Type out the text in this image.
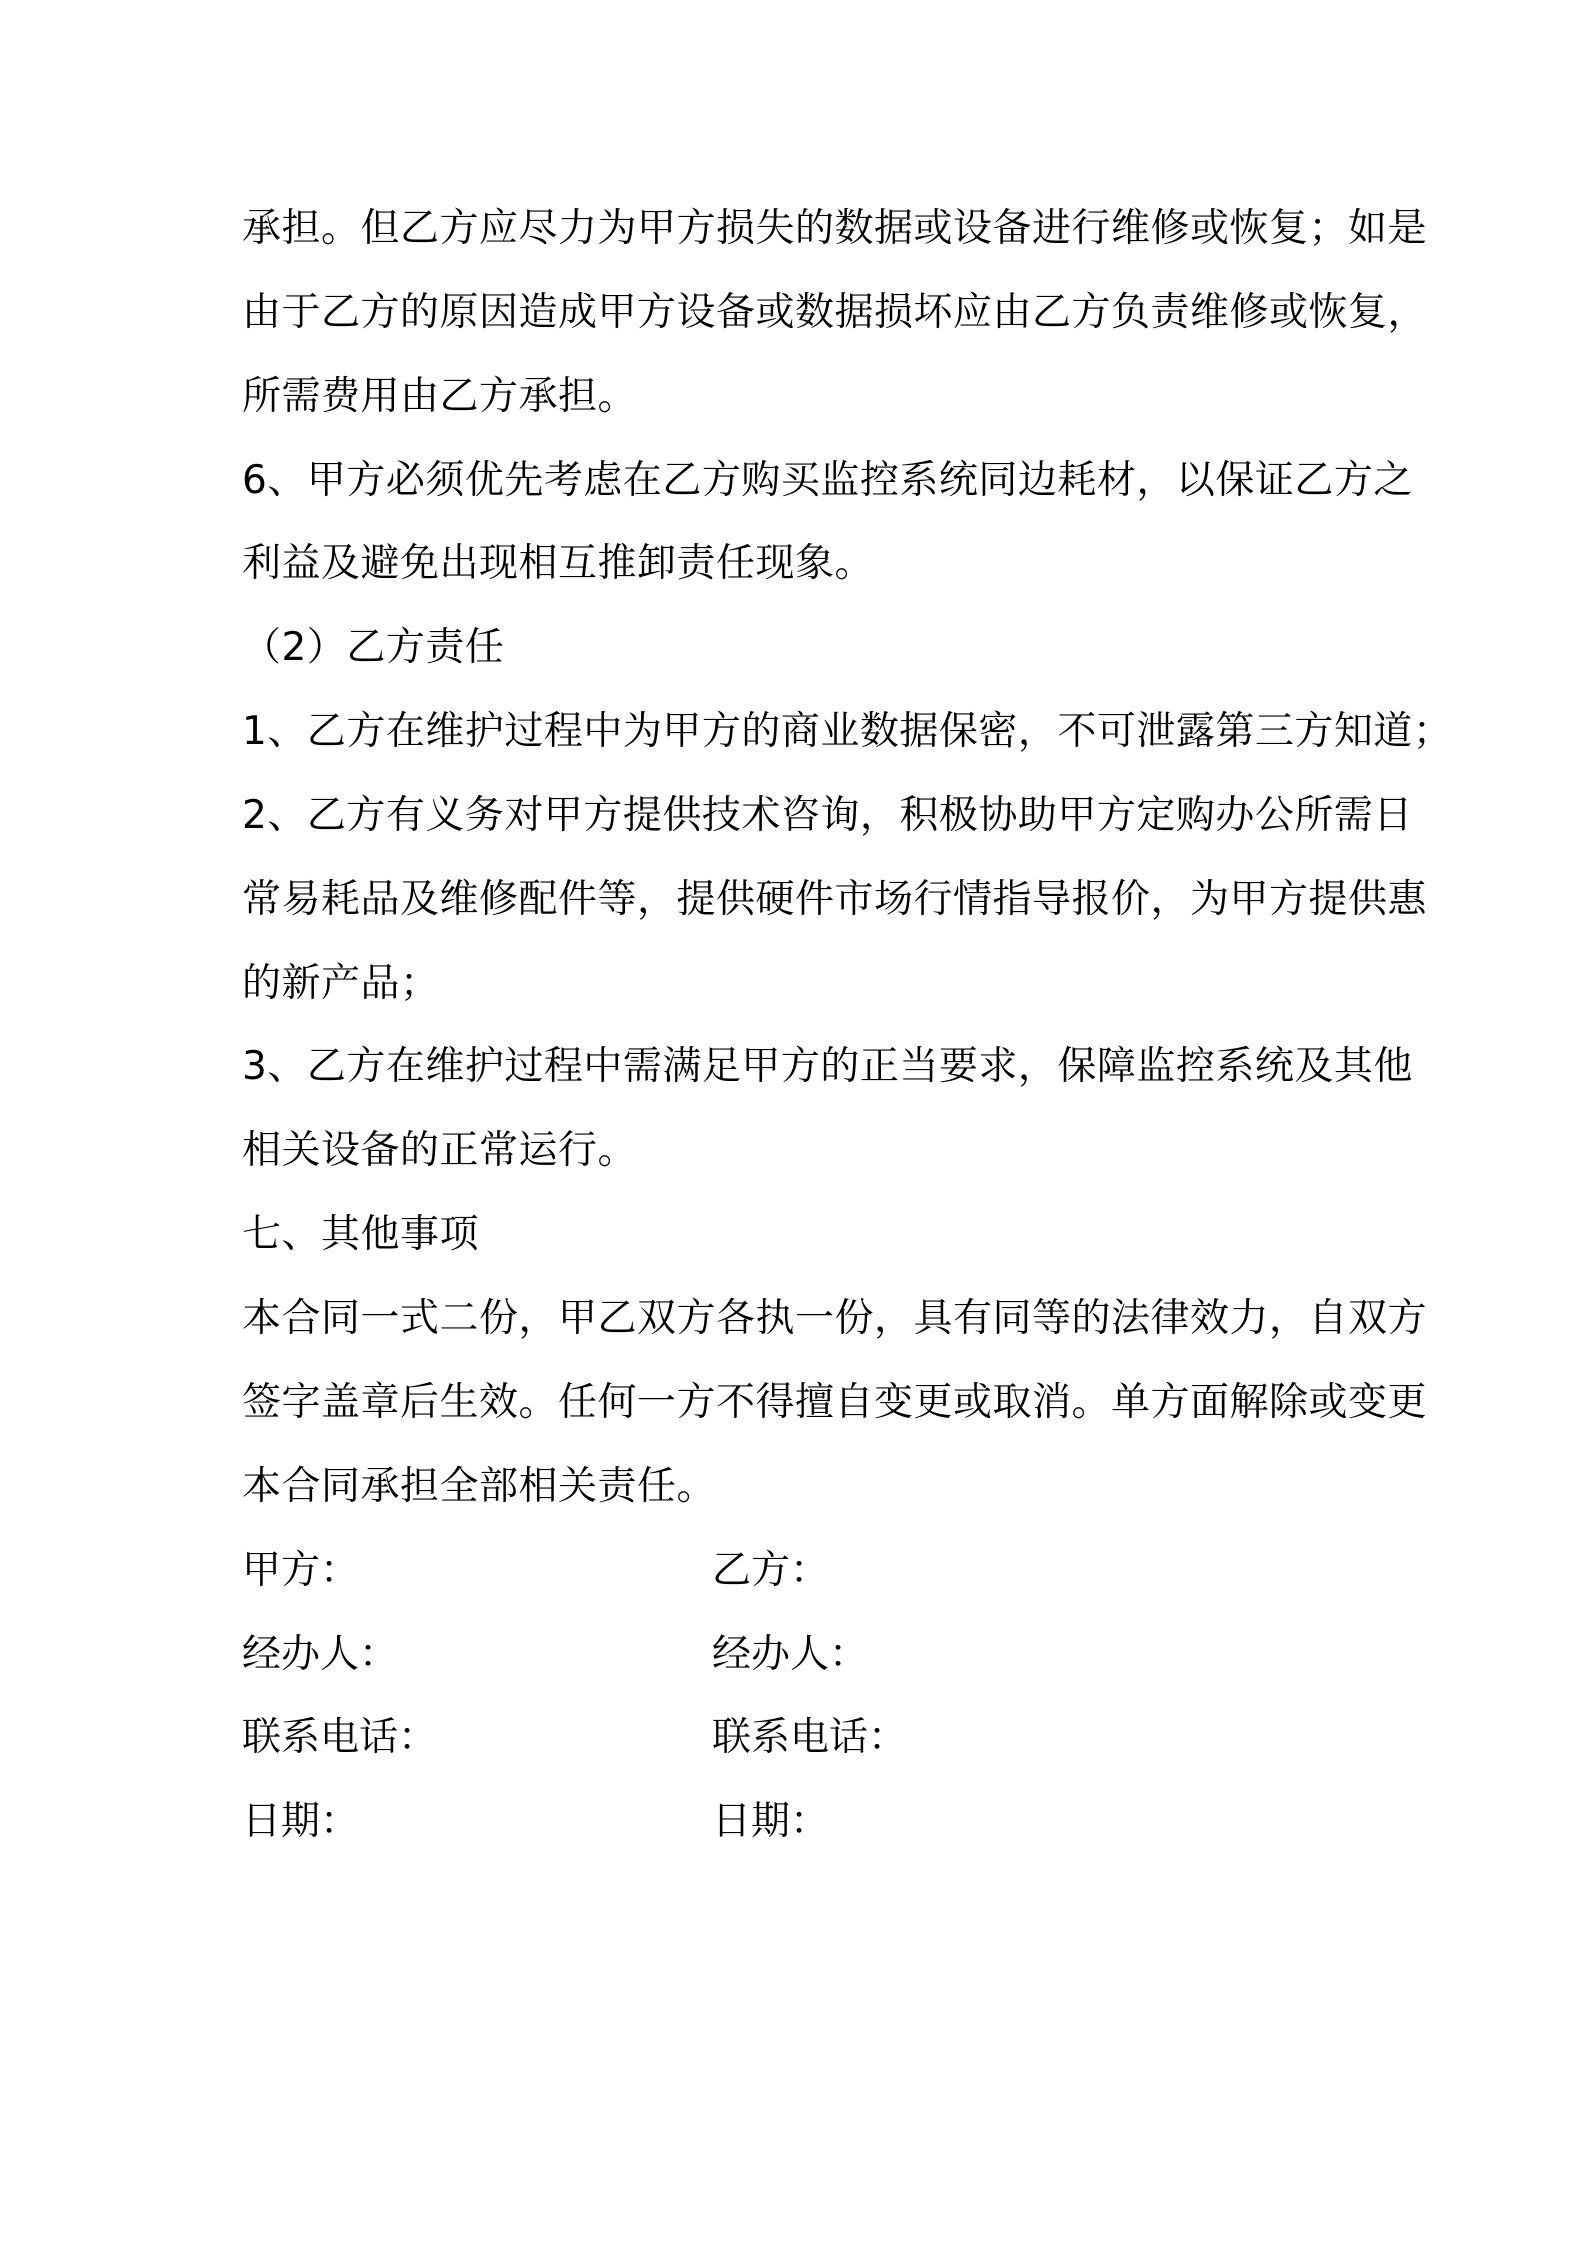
承担。但乙方应尽力为甲方损失的数据或设备进行维修或恢复；如是
由于乙方的原因造成甲方设备或数据损坏应由乙方负责维修或恢复，
所需费用由乙方承担。
6、甲方必须优先考虑在乙方购买监控系统同边耗材，以保证乙方之
利益及避免出现相互推卸责任现象。
（2）乙方责任
1、乙方在维护过程中为甲方的商业数据保密，不可泄露第三方知道；
2、乙方有义务对甲方提供技术咨询，积极协助甲方定购办公所需日
常易耗品及维修配件等，提供硬件市场行情指导报价，为甲方提供惠
的新产品；
3、乙方在维护过程中需满足甲方的正当要求，保障监控系统及其他
相关设备的正常运行。
七、其他事项
本合同一式二份，甲乙双方各执一份，具有同等的法律效力，自双方
签字盖章后生效。任何一方不得擅自变更或取消。单方面解除或变更
本合同承担全部相关责任。
甲方：	乙方：
经办人：	经办人：
联系电话：	联系电话：
日期：	日期：
